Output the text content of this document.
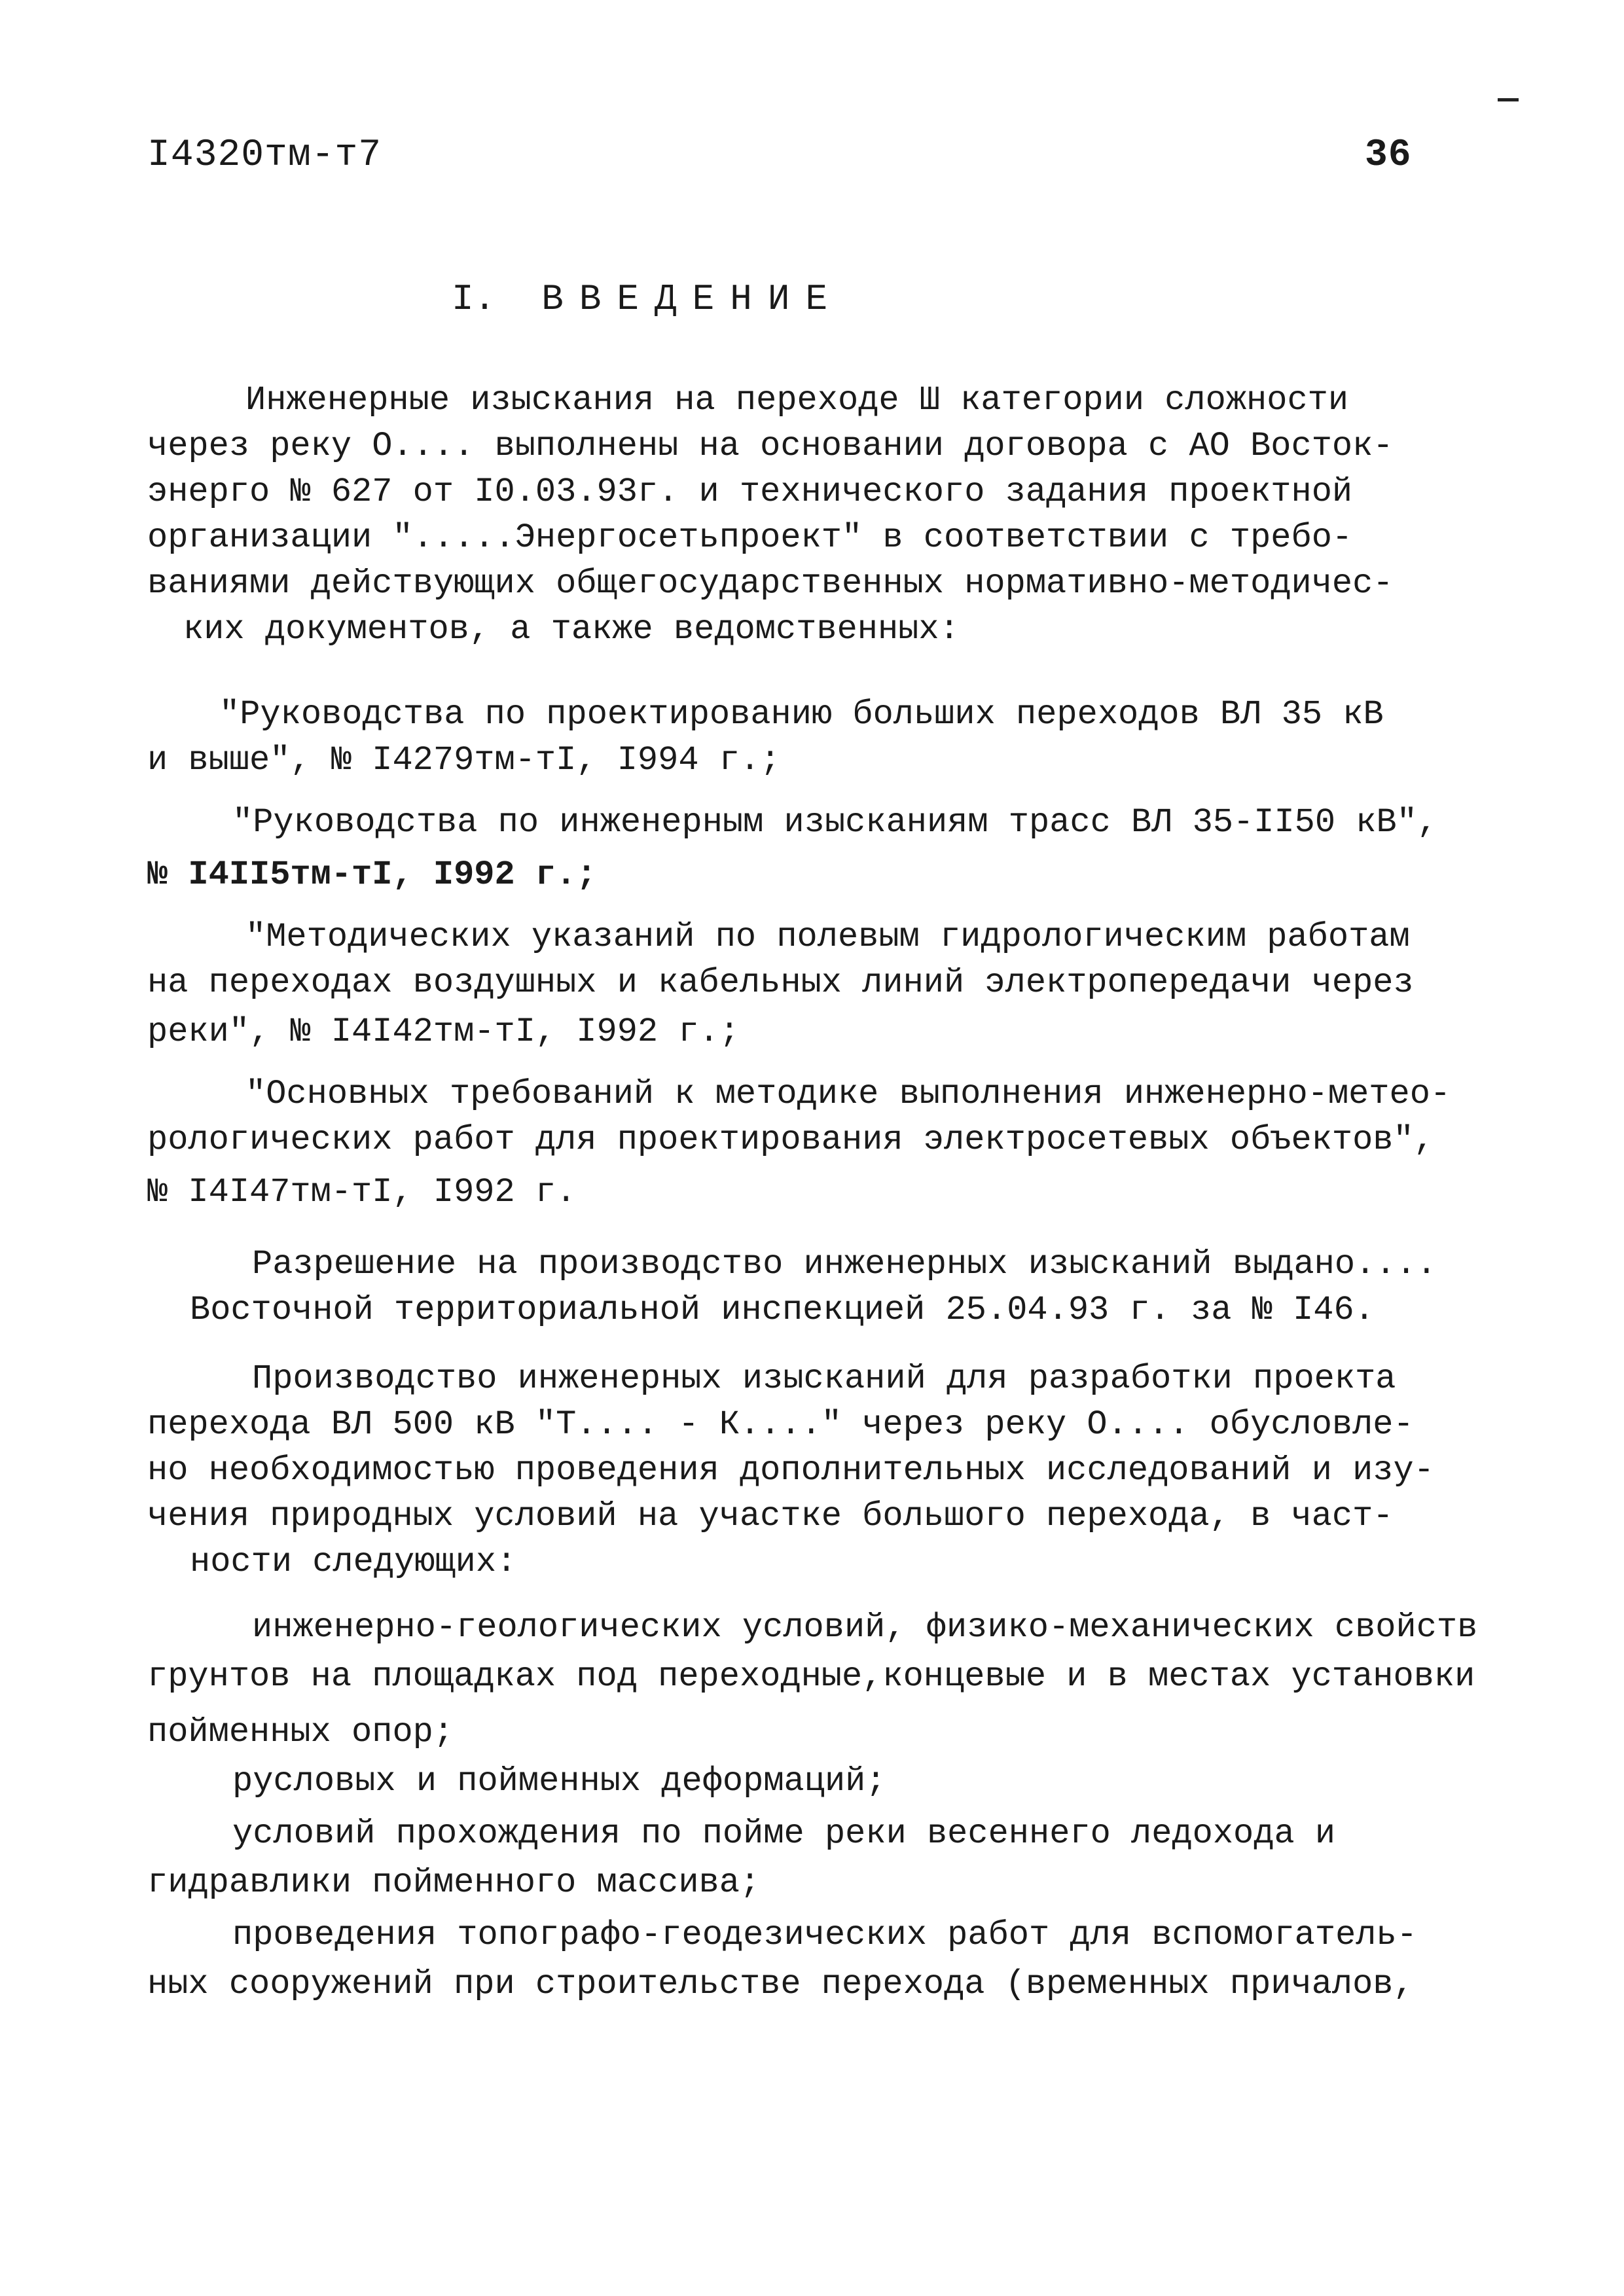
I4320тм-т7	36
I. ВВЕДЕНИЕ
Инженерные изыскания на переходе Ш категории сложности
через реку О.... выполнены на основании договора с АО Восток-
энерго № 627 от I0.03.93г. и технического задания проектной
организации ".....Энергосетьпроект" в соответствии с требо-
ваниями действующих общегосударственных нормативно-методичес-
ких документов, а также ведомственных:
"Руководства по проектированию больших переходов ВЛ 35 кВ
и выше", № I4279тм-тI, I994 г.;
"Руководства по инженерным изысканиям трасс ВЛ 35-II50 кВ",
№ I4II5тм-тI, I992 г.;
"Методических указаний по полевым гидрологическим работам
на переходах воздушных и кабельных линий электропередачи через
реки", № I4I42тм-тI, I992 г.;
"Основных требований к методике выполнения инженерно-метео-
рологических работ для проектирования электросетевых объектов",
№ I4I47тм-тI, I992 г.
Разрешение на производство инженерных изысканий выдано....
Восточной территориальной инспекцией 25.04.93 г. за № I46.
Производство инженерных изысканий для разработки проекта
перехода ВЛ 500 кВ "Т.... - К...." через реку О.... обусловле-
но необходимостью проведения дополнительных исследований и изу-
чения природных условий на участке большого перехода, в част-
ности следующих:
инженерно-геологических условий, физико-механических свойств
грунтов на площадках под переходные,концевые и в местах установки
пойменных опор;
русловых и пойменных деформаций;
условий прохождения по пойме реки весеннего ледохода и
гидравлики пойменного массива;
проведения топографо-геодезических работ для вспомогатель-
ных сооружений при строительстве перехода (временных причалов,
